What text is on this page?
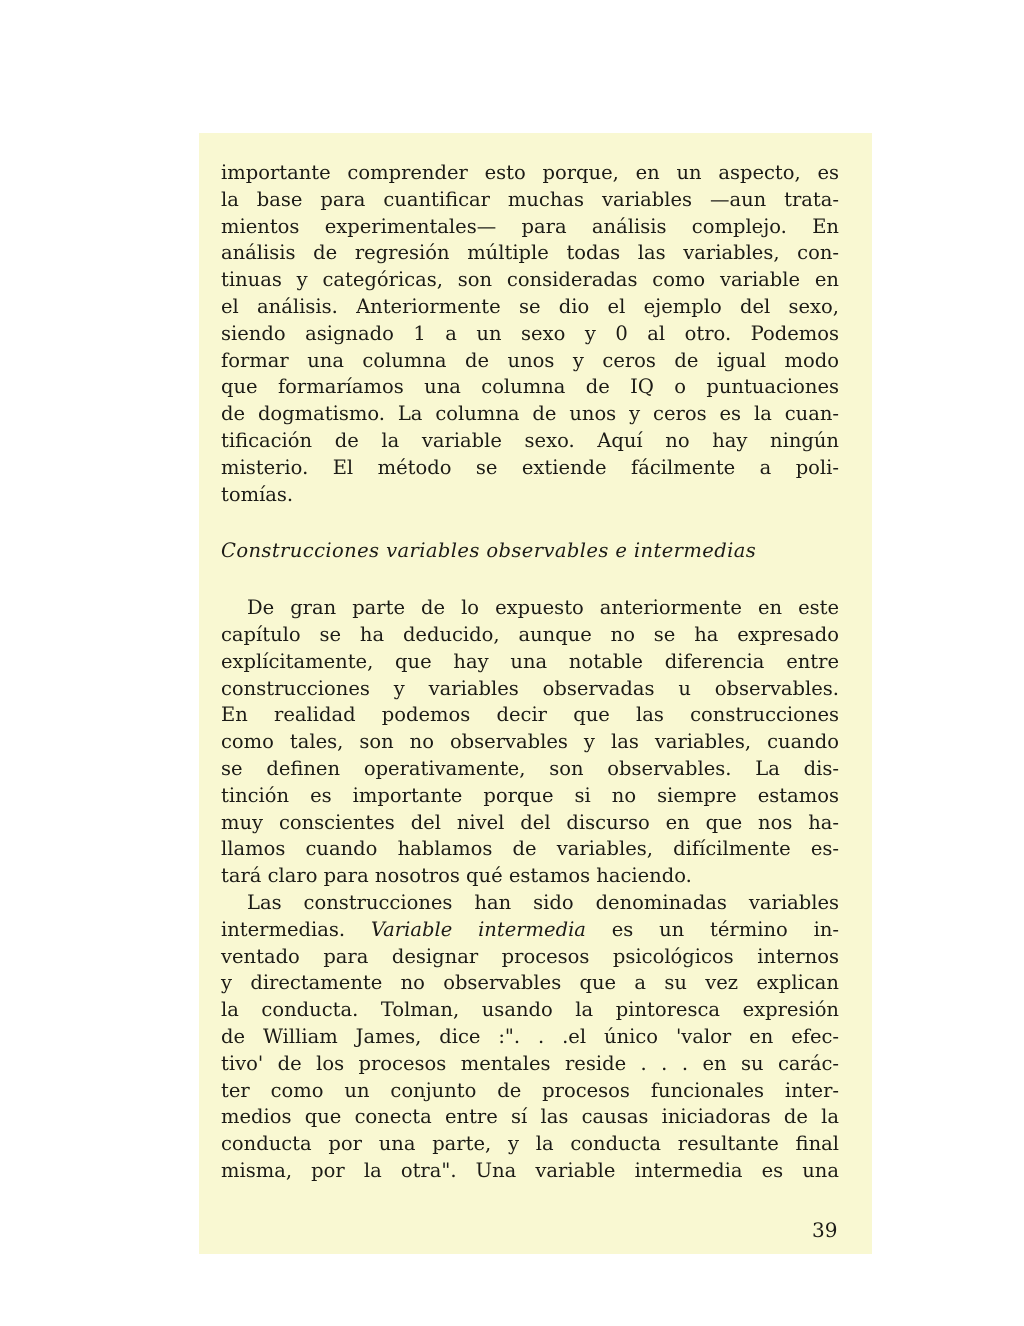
importante comprender esto porque, en un aspecto, es
la base para cuantificar muchas variables —aun trata-
mientos experimentales— para análisis complejo. En
análisis de regresión múltiple todas las variables, con-
tinuas y categóricas, son consideradas como variable en
el análisis. Anteriormente se dio el ejemplo del sexo,
siendo asignado 1 a un sexo y 0 al otro. Podemos
formar una columna de unos y ceros de igual modo
que formaríamos una columna de IQ o puntuaciones
de dogmatismo. La columna de unos y ceros es la cuan-
tificación de la variable sexo. Aquí no hay ningún
misterio. El método se extiende fácilmente a poli-
tomías.
Construcciones variables observables e intermedias
De gran parte de lo expuesto anteriormente en este
capítulo se ha deducido, aunque no se ha expresado
explícitamente, que hay una notable diferencia entre
construcciones y variables observadas u observables.
En realidad podemos decir que las construcciones
como tales, son no observables y las variables, cuando
se definen operativamente, son observables. La dis-
tinción es importante porque si no siempre estamos
muy conscientes del nivel del discurso en que nos ha-
llamos cuando hablamos de variables, difícilmente es-
tará claro para nosotros qué estamos haciendo.
Las construcciones han sido denominadas variables
intermedias. Variable intermedia es un término in-
ventado para designar procesos psicológicos internos
y directamente no observables que a su vez explican
la conducta. Tolman, usando la pintoresca expresión
de William James, dice :". . .el único 'valor en efec-
tivo' de los procesos mentales reside . . . en su carác-
ter como un conjunto de procesos funcionales inter-
medios que conecta entre sí las causas iniciadoras de la
conducta por una parte, y la conducta resultante final
misma, por la otra". Una variable intermedia es una
39
